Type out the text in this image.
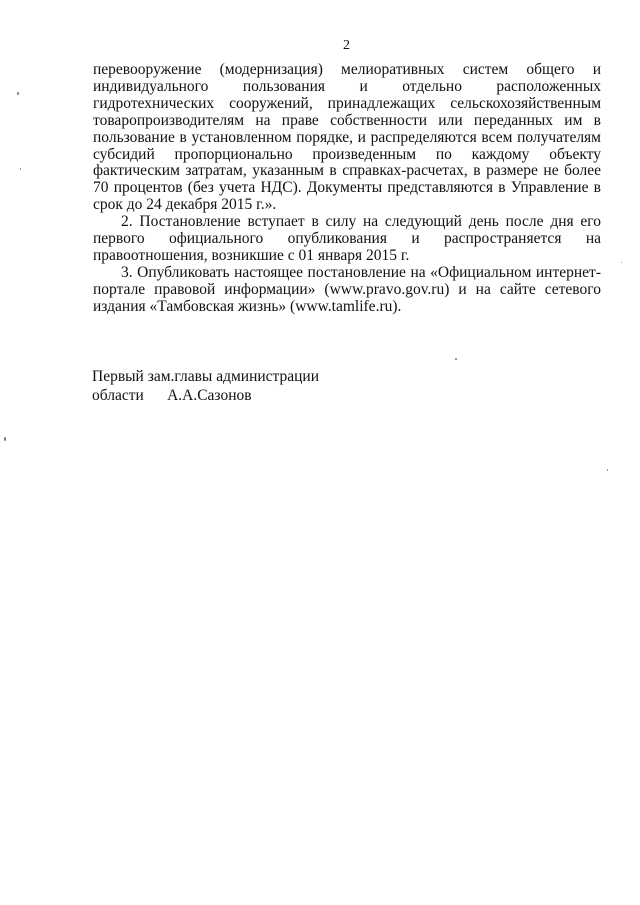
2

перевооружение (модернизация) мелиоративных систем общего и индивидуального пользования и отдельно расположенных гидротехнических сооружений, принадлежащих сельскохозяйственным товаропроизводителям на праве собственности или переданных им в пользование в установленном порядке, и распределяются всем получателям субсидий пропорционально произведенным по каждому объекту фактическим затратам, указанным в справках-расчетах, в размере не более 70 процентов (без учета НДС). Документы представляются в Управление в срок до 24 декабря 2015 г.».

2. Постановление вступает в силу на следующий день после дня его первого официального опубликования и распространяется на правоотношения, возникшие с 01 января 2015 г.

3. Опубликовать настоящее постановление на «Официальном интернет-портале правовой информации» (www.pravo.gov.ru) и на сайте сетевого издания «Тамбовская жизнь» (www.tamlife.ru).

Первый зам.главы администрации
области А.А.Сазонов
